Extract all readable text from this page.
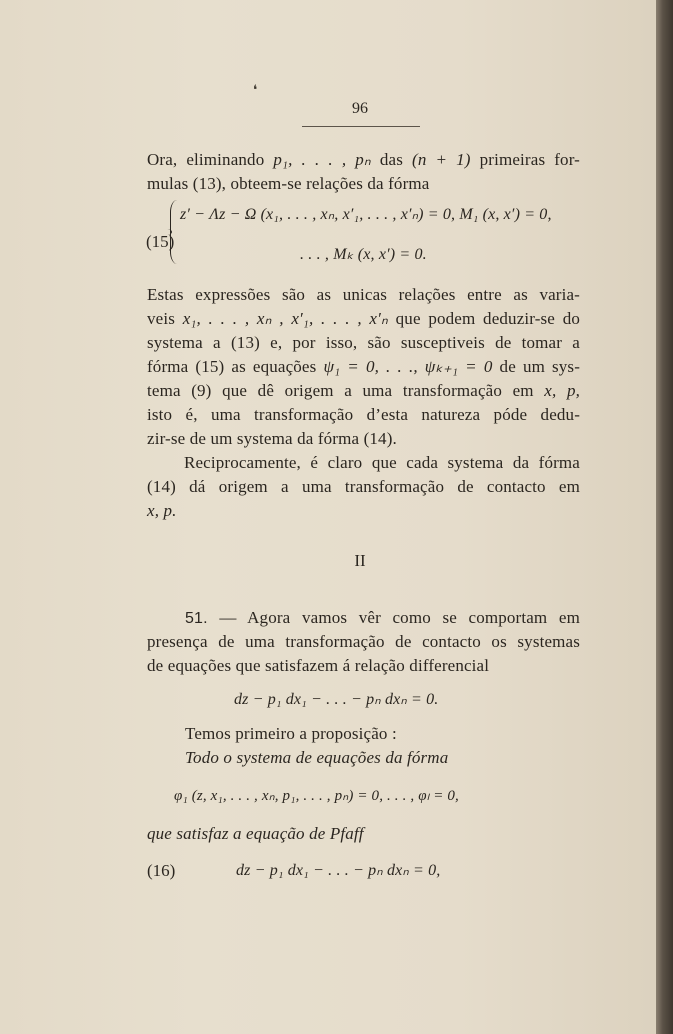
❛
96
Ora, eliminando p₁, . . . , pₙ das (n + 1) primeiras for-
mulas (13), obteem-se relações da fórma
(15)
z′ − Λz − Ω (x₁, . . . , xₙ, x′₁, . . . , x′ₙ) = 0, M₁ (x, x′) = 0,
. . . , Mₖ (x, x′) = 0.
Estas expressões são as unicas relações entre as varia-
veis x₁, . . . , xₙ , x′₁, . . . , x′ₙ que podem deduzir-se do
systema a (13) e, por isso, são susceptiveis de tomar a
fórma (15) as equações ψ₁ = 0, . . ., ψₖ₊₁ = 0 de um sys-
tema (9) que dê origem a uma transformação em x, p,
isto é, uma transformação d’esta natureza póde dedu-
zir-se de um systema da fórma (14).
Reciprocamente, é claro que cada systema da fórma
(14) dá origem a uma transformação de contacto em
x, p.
II
51. — Agora vamos vêr como se comportam em
presença de uma transformação de contacto os systemas
de equações que satisfazem á relação differencial
dz − p₁ dx₁ − . . . − pₙ dxₙ = 0.
Temos primeiro a proposição :
Todo o systema de equações da fórma
φ₁ (z, x₁, . . . , xₙ, p₁, . . . , pₙ) = 0, . . . , φₗ = 0,
que satisfaz a equação de Pfaff
(16)	dz − p₁ dx₁ − . . . − pₙ dxₙ = 0,
